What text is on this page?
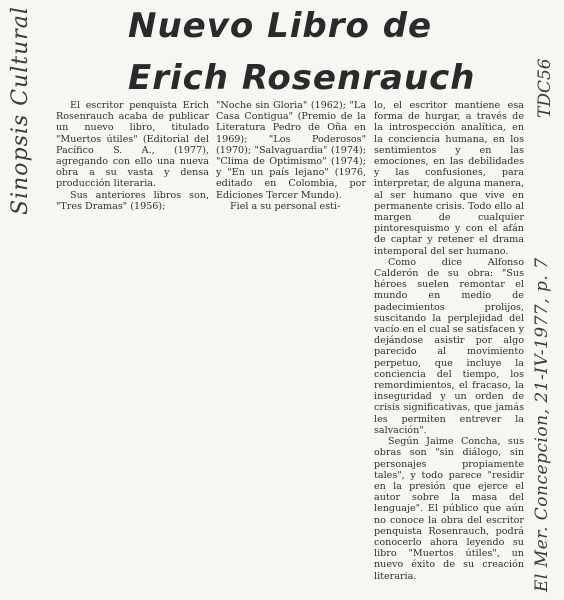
Nuevo Libro de
Erich Rosenrauch

El escritor penquista Erich Rosenrauch acaba de publicar un nuevo libro, titulado "Muertos útiles" (Editorial del Pacífico S. A., (1977), agregando con ello una nueva obra a su vasta y densa producción literaria.

Sus anteriores libros son, "Tres Dramas" (1956);

"Noche sin Gloria" (1962); "La Casa Contigua" (Premio de la Literatura Pedro de Oña en 1969); "Los Poderosos" (1970); "Salvaguardia" (1974); "Clima de Optimismo" (1974); y "En un país lejano" (1976, editado en Colombia, por Ediciones Tercer Mundo).

Fiel a su personal esti-

lo, el escritor mantiene esa forma de hurgar, a través de la introspección analítica, en la conciencia humana, en los sentimientos y en las emociones, en las debilidades y las confusiones, para interpretar, de alguna manera, al ser humano que vive en permanente crisis. Todo ello al margen de cualquier pintoresquismo y con el afán de captar y retener el drama intemporal del ser humano.

Como dice Alfonso Calderón de su obra: "Sus héroes suelen remontar el mundo en medio de padecimientos prolijos, suscitando la perplejidad del vacío en el cual se satisfacen y dejándose asistir por algo parecido al movimiento perpetuo, que incluye la conciencia del tiempo, los remordimientos, el fracaso, la inseguridad y un orden de crisis significativas, que jamás les permiten entrever la salvación".

Según Jaime Concha, sus obras son "sin diálogo, sin personajes propiamente tales", y todo parece "residir en la presión que ejerce el autor sobre la masa del lenguaje". El público que aún no conoce la obra del escritor penquista Rosenrauch, podrá conocerlo ahora leyendo su libro "Muertos útiles", un nuevo éxito de su creación literaria.

Sinopsis Cultural
El Mer. Concepcion, 21-IV-1977, p. 7
TDC56
